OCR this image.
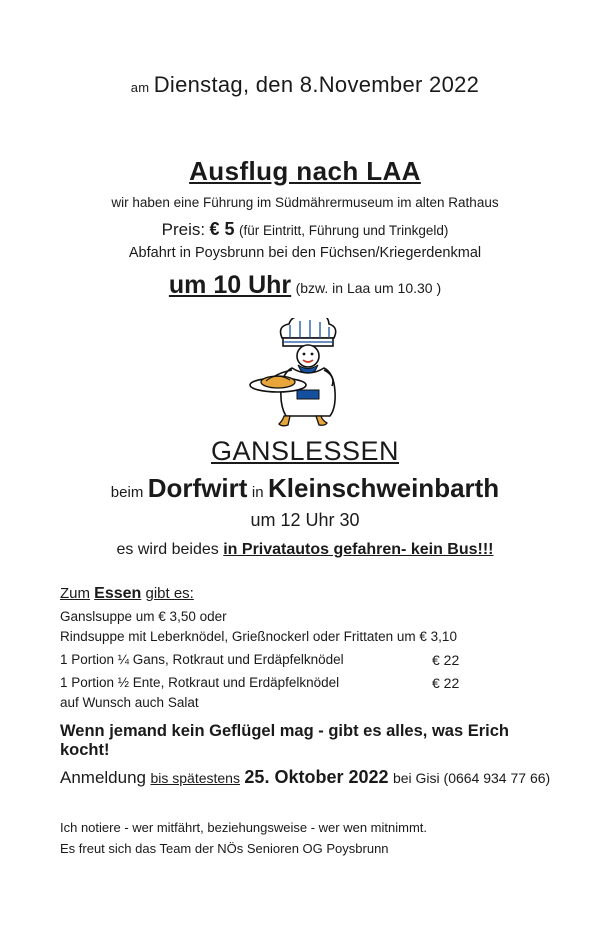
am Dienstag, den 8.November 2022
Ausflug nach LAA
wir haben eine Führung im Südmährermuseum im alten Rathaus
Preis: € 5 (für Eintritt, Führung und Trinkgeld)
Abfahrt in Poysbrunn bei den Füchsen/Kriegerdenkmal
um 10 Uhr (bzw. in Laa um 10.30 )
GANSLESSEN
beim Dorfwirt in Kleinschweinbarth
um 12 Uhr 30
es wird beides in Privatautos gefahren- kein Bus!!!
Zum Essen gibt es:
Ganslsuppe um € 3,50 oder
Rindsuppe mit Leberknödel, Grießnockerl oder Frittaten um € 3,10
1 Portion ¼ Gans, Rotkraut und Erdäpfelknödel	€ 22
1 Portion ½ Ente, Rotkraut und Erdäpfelknödel	€ 22
auf Wunsch auch Salat
Wenn jemand kein Geflügel mag - gibt es alles, was Erich kocht!
Anmeldung bis spätestens 25. Oktober 2022 bei Gisi (0664 934 77 66)
Ich notiere - wer mitfährt, beziehungsweise - wer wen mitnimmt.
Es freut sich das Team der NÖs Senioren OG Poysbrunn
